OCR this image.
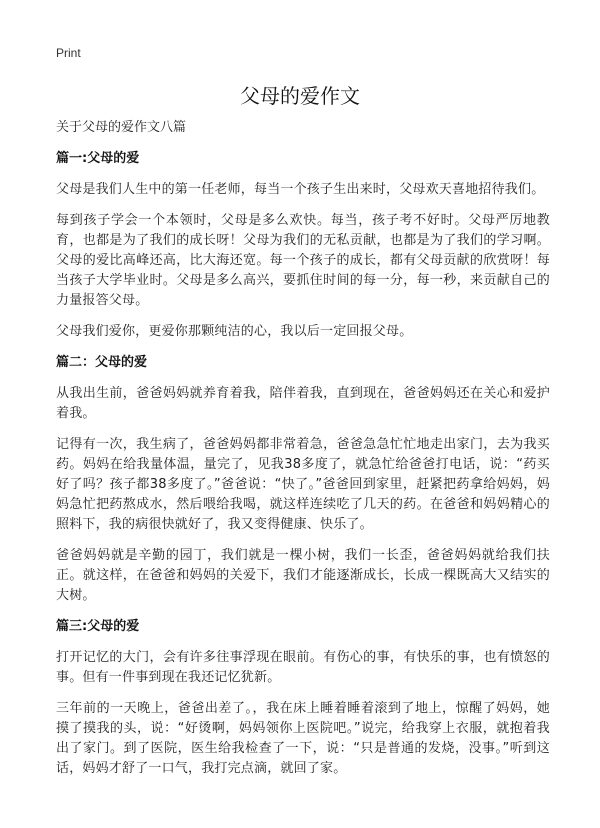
Print
父母的爱作文

关于父母的爱作文八篇

篇一:父母的爱

父母是我们人生中的第一任老师，每当一个孩子生出来时，父母欢天喜地招待我们。

每到孩子学会一个本领时，父母是多么欢快。每当，孩子考不好时。父母严厉地教育，也都是为了我们的成长呀！父母为我们的无私贡献，也都是为了我们的学习啊。父母的爱比高峰还高，比大海还宽。每一个孩子的成长，都有父母贡献的欣赏呀！每当孩子大学毕业时。父母是多么高兴，要抓住时间的每一分，每一秒，来贡献自己的力量报答父母。

父母我们爱你，更爱你那颗纯洁的心，我以后一定回报父母。

篇二：父母的爱

从我出生前，爸爸妈妈就养育着我，陪伴着我，直到现在，爸爸妈妈还在关心和爱护着我。

记得有一次，我生病了，爸爸妈妈都非常着急，爸爸急急忙忙地走出家门，去为我买药。妈妈在给我量体温，量完了，见我38多度了，就急忙给爸爸打电话，说：“药买好了吗？孩子都38多度了。”爸爸说：“快了。”爸爸回到家里，赶紧把药拿给妈妈，妈妈急忙把药熬成水，然后喂给我喝，就这样连续吃了几天的药。在爸爸和妈妈精心的照料下，我的病很快就好了，我又变得健康、快乐了。

爸爸妈妈就是辛勤的园丁，我们就是一棵小树，我们一长歪，爸爸妈妈就给我们扶正。就这样，在爸爸和妈妈的关爱下，我们才能逐渐成长，长成一棵既高大又结实的大树。

篇三:父母的爱

打开记忆的大门，会有许多往事浮现在眼前。有伤心的事，有快乐的事，也有愤怒的事。但有一件事到现在我还记忆犹新。

三年前的一天晚上，爸爸出差了。，我在床上睡着睡着滚到了地上，惊醒了妈妈，她摸了摸我的头，说：“好烫啊，妈妈领你上医院吧。”说完，给我穿上衣服，就抱着我出了家门。到了医院，医生给我检查了一下，说：“只是普通的发烧，没事。”听到这话，妈妈才舒了一口气，我打完点滴，就回了家。
